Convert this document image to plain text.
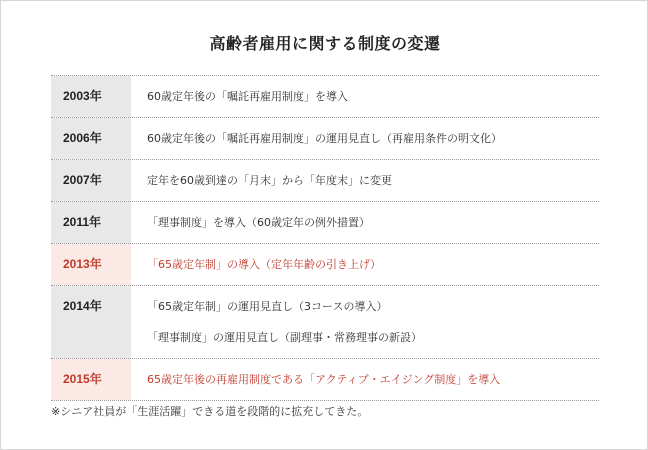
高齢者雇用に関する制度の変遷
2003年	60歳定年後の「嘱託再雇用制度」を導入
2006年	60歳定年後の「嘱託再雇用制度」の運用見直し（再雇用条件の明文化）
2007年	定年を60歳到達の「月末」から「年度末」に変更
2011年	「理事制度」を導入（60歳定年の例外措置）
2013年	「65歳定年制」の導入（定年年齢の引き上げ）
2014年	「65歳定年制」の運用見直し（3コースの導入）
「理事制度」の運用見直し（副理事・常務理事の新設）
2015年	65歳定年後の再雇用制度である「アクティブ・エイジング制度」を導入
※シニア社員が「生涯活躍」できる道を段階的に拡充してきた。
